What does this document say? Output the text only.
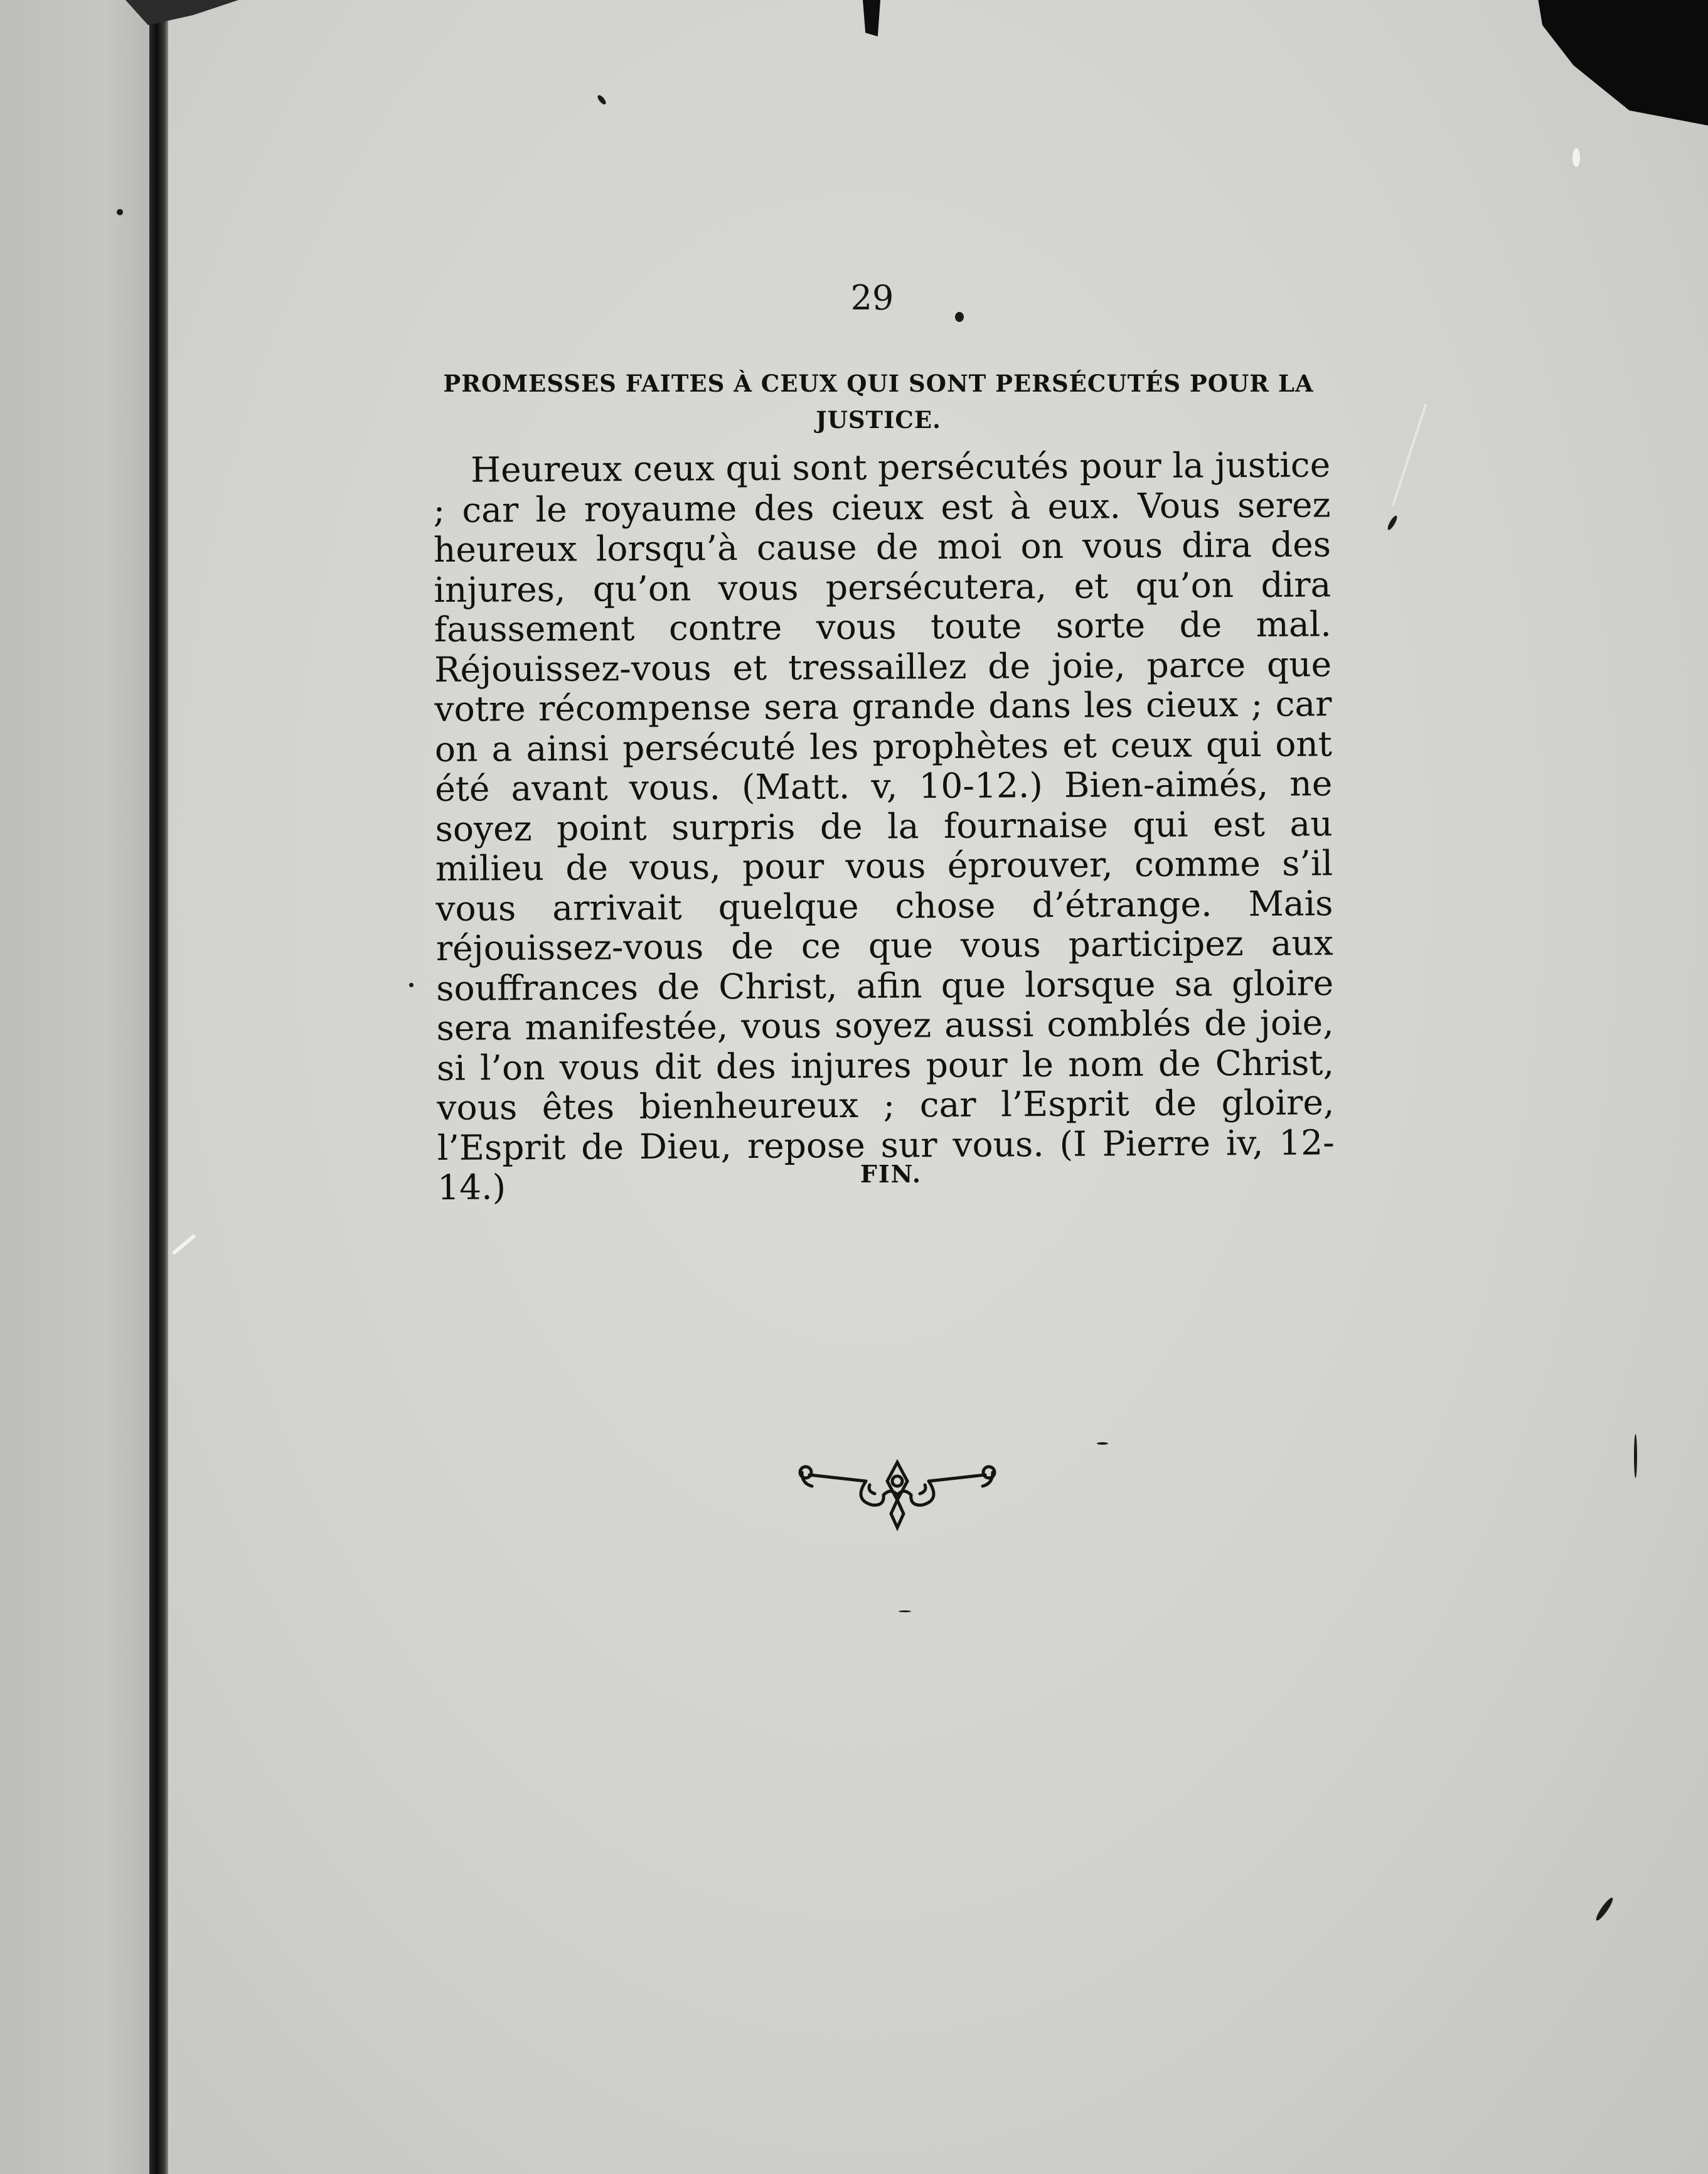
29
PROMESSES FAITES À CEUX QUI SONT PERSÉCUTÉS POUR LA JUSTICE.

Heureux ceux qui sont persécutés pour la justice ; car le royaume des cieux est à eux. Vous serez heureux lorsqu’à cause de moi on vous dira des injures, qu’on vous persécutera, et qu’on dira faussement contre vous toute sorte de mal. Réjouissez-vous et tressaillez de joie, parce que votre récompense sera grande dans les cieux ; car on a ainsi persécuté les prophètes et ceux qui ont été avant vous. (Matt. v, 10-12.) Bien-aimés, ne soyez point surpris de la fournaise qui est au milieu de vous, pour vous éprouver, comme s’il vous arrivait quelque chose d’étrange. Mais réjouissez-vous de ce que vous participez aux souffrances de Christ, afin que lorsque sa gloire sera manifestée, vous soyez aussi comblés de joie, si l’on vous dit des injures pour le nom de Christ, vous êtes bienheureux ; car l’Esprit de gloire, l’Esprit de Dieu, repose sur vous. (I Pierre iv, 12-14.)	FIN.
